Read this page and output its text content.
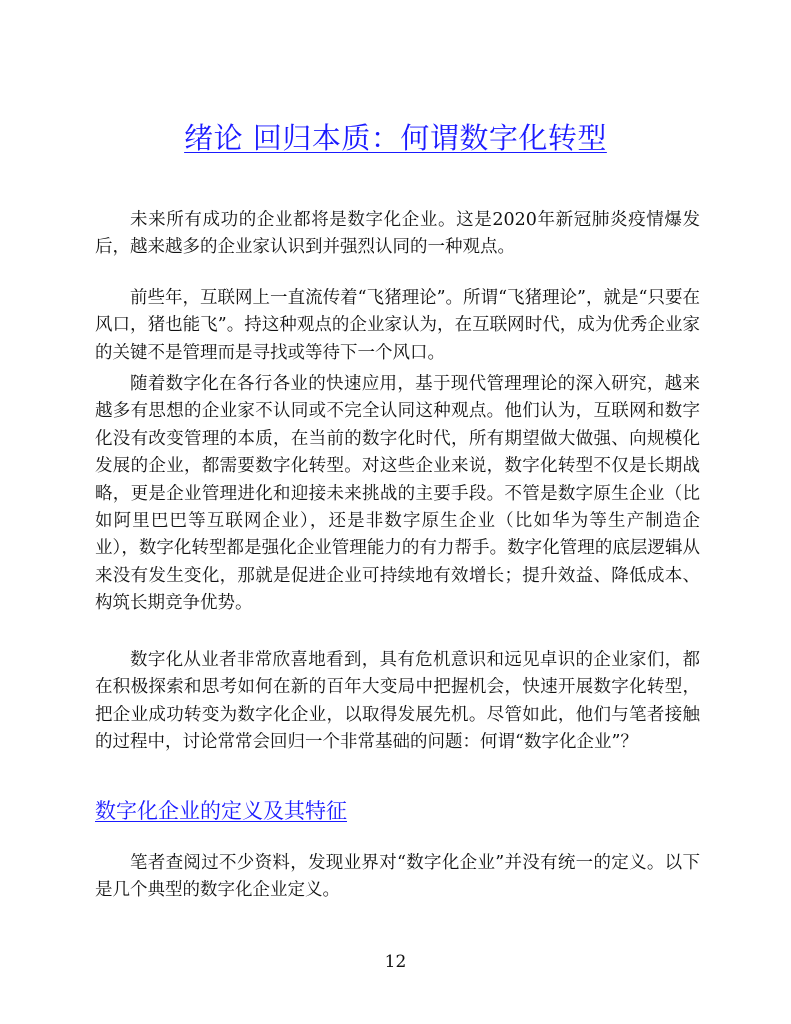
绪论 回归本质：何谓数字化转型

未来所有成功的企业都将是数字化企业。这是2020年新冠肺炎疫情爆发后，越来越多的企业家认识到并强烈认同的一种观点。

前些年，互联网上一直流传着“飞猪理论”。所谓“飞猪理论”，就是“只要在风口，猪也能飞”。持这种观点的企业家认为，在互联网时代，成为优秀企业家的关键不是管理而是寻找或等待下一个风口。

随着数字化在各行各业的快速应用，基于现代管理理论的深入研究，越来越多有思想的企业家不认同或不完全认同这种观点。他们认为，互联网和数字化没有改变管理的本质，在当前的数字化时代，所有期望做大做强、向规模化发展的企业，都需要数字化转型。对这些企业来说，数字化转型不仅是长期战略，更是企业管理进化和迎接未来挑战的主要手段。不管是数字原生企业（比如阿里巴巴等互联网企业），还是非数字原生企业（比如华为等生产制造企业），数字化转型都是强化企业管理能力的有力帮手。数字化管理的底层逻辑从来没有发生变化，那就是促进企业可持续地有效增长；提升效益、降低成本、构筑长期竞争优势。

数字化从业者非常欣喜地看到，具有危机意识和远见卓识的企业家们，都在积极探索和思考如何在新的百年大变局中把握机会，快速开展数字化转型，把企业成功转变为数字化企业，以取得发展先机。尽管如此，他们与笔者接触的过程中，讨论常常会回归一个非常基础的问题：何谓“数字化企业”？

数字化企业的定义及其特征

笔者查阅过不少资料，发现业界对“数字化企业”并没有统一的定义。以下是几个典型的数字化企业定义。

12
